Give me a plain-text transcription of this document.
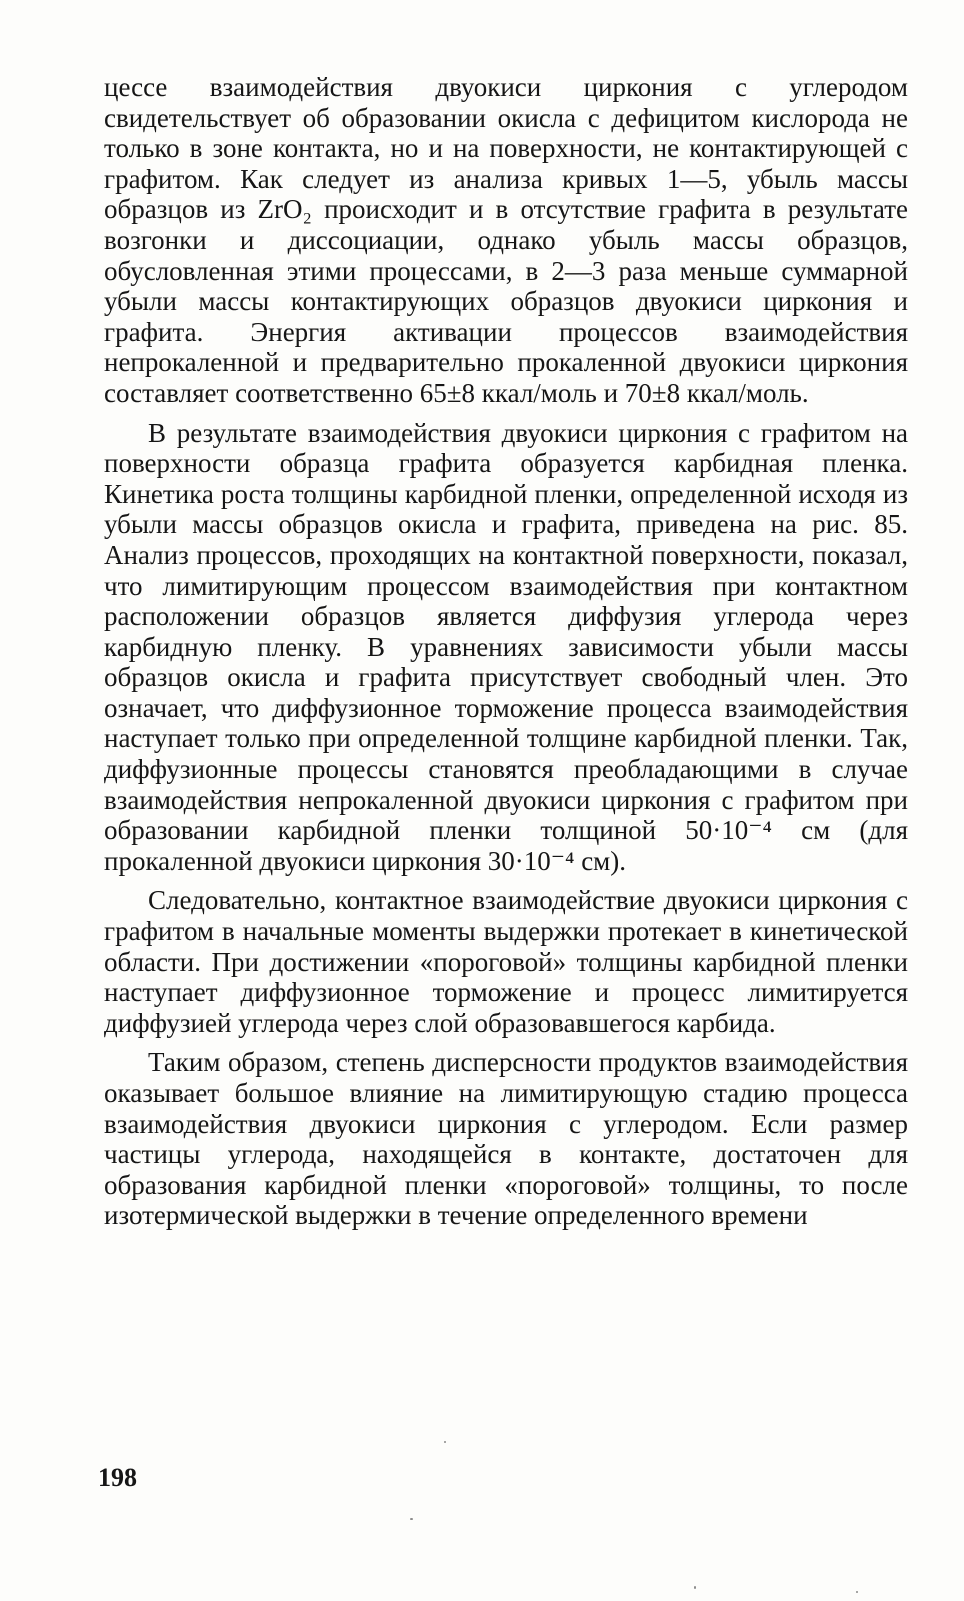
цессе взаимодействия двуокиси циркония с углеродом свидетельствует об образовании окисла с дефицитом кислорода не только в зоне контакта, но и на поверхности, не контактирующей с графитом. Как следует из анализа кривых 1—5, убыль массы образцов из ZrO₂ происходит и в отсутствие графита в результате возгонки и диссоциации, однако убыль массы образцов, обусловленная этими процессами, в 2—3 раза меньше суммарной убыли массы контактирующих образцов двуокиси циркония и графита. Энергия активации процессов взаимодействия непрокаленной и предварительно прокаленной двуокиси циркония составляет соответственно 65±8 ккал/моль и 70±8 ккал/моль.

В результате взаимодействия двуокиси циркония с графитом на поверхности образца графита образуется карбидная пленка. Кинетика роста толщины карбидной пленки, определенной исходя из убыли массы образцов окисла и графита, приведена на рис. 85. Анализ процессов, проходящих на контактной поверхности, показал, что лимитирующим процессом взаимодействия при контактном расположении образцов является диффузия углерода через карбидную пленку. В уравнениях зависимости убыли массы образцов окисла и графита присутствует свободный член. Это означает, что диффузионное торможение процесса взаимодействия наступает только при определенной толщине карбидной пленки. Так, диффузионные процессы становятся преобладающими в случае взаимодействия непрокаленной двуокиси циркония с графитом при образовании карбидной пленки толщиной 50·10⁻⁴ см (для прокаленной двуокиси циркония 30·10⁻⁴ см).

Следовательно, контактное взаимодействие двуокиси циркония с графитом в начальные моменты выдержки протекает в кинетической области. При достижении «пороговой» толщины карбидной пленки наступает диффузионное торможение и процесс лимитируется диффузией углерода через слой образовавшегося карбида.

Таким образом, степень дисперсности продуктов взаимодействия оказывает большое влияние на лимитирующую стадию процесса взаимодействия двуокиси циркония с углеродом. Если размер частицы углерода, находящейся в контакте, достаточен для образования карбидной пленки «пороговой» толщины, то после изотермической выдержки в течение определенного времени

198
